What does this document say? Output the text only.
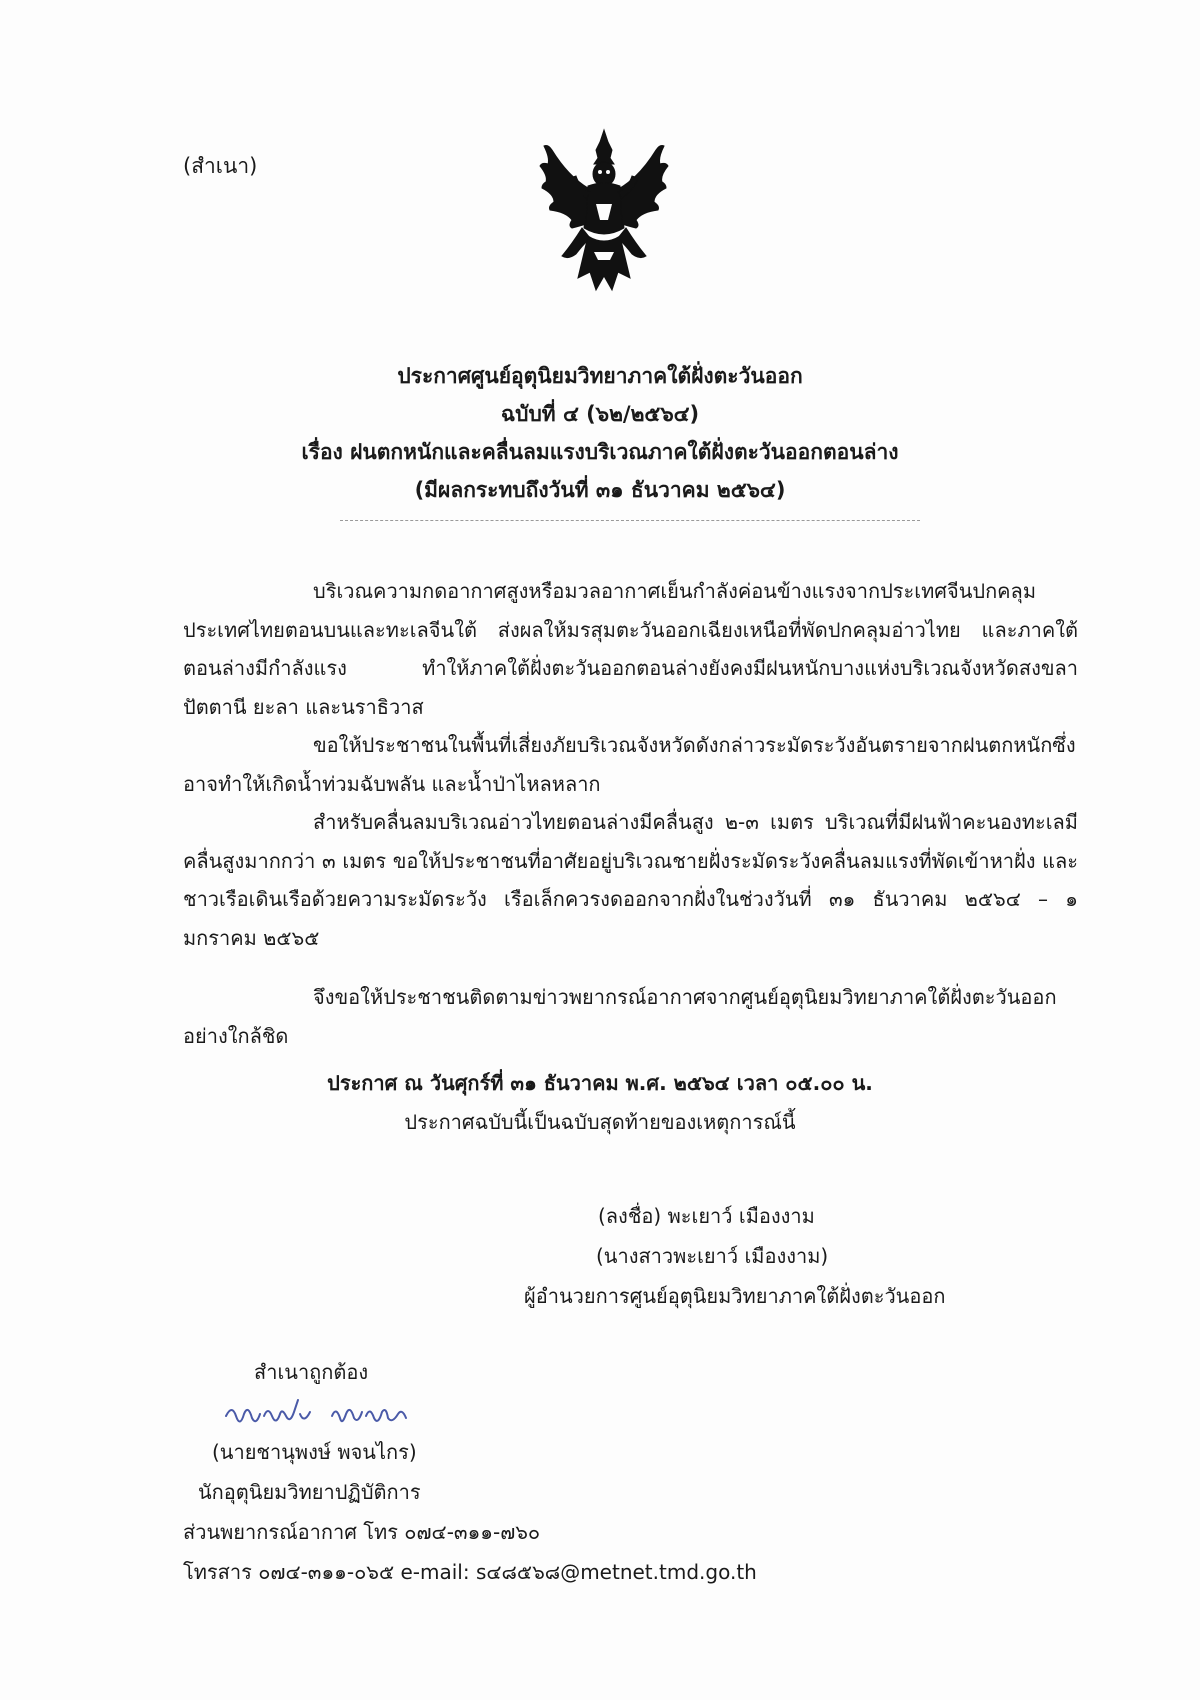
(สำเนา)
ประกาศศูนย์อุตุนิยมวิทยาภาคใต้ฝั่งตะวันออก
ฉบับที่ ๔ (๖๒/๒๕๖๔)
เรื่อง ฝนตกหนักและคลื่นลมแรงบริเวณภาคใต้ฝั่งตะวันออกตอนล่าง
(มีผลกระทบถึงวันที่ ๓๑ ธันวาคม ๒๕๖๔)

บริเวณความกดอากาศสูงหรือมวลอากาศเย็นกำลังค่อนข้างแรงจากประเทศจีนปกคลุมประเทศไทยตอนบนและทะเลจีนใต้ ส่งผลให้มรสุมตะวันออกเฉียงเหนือที่พัดปกคลุมอ่าวไทย และภาคใต้ตอนล่างมีกำลังแรง ทำให้ภาคใต้ฝั่งตะวันออกตอนล่างยังคงมีฝนหนักบางแห่งบริเวณจังหวัดสงขลา ปัตตานี ยะลา และนราธิวาส

ขอให้ประชาชนในพื้นที่เสี่ยงภัยบริเวณจังหวัดดังกล่าวระมัดระวังอันตรายจากฝนตกหนักซึ่งอาจทำให้เกิดน้ำท่วมฉับพลัน และน้ำป่าไหลหลาก

สำหรับคลื่นลมบริเวณอ่าวไทยตอนล่างมีคลื่นสูง ๒-๓ เมตร บริเวณที่มีฝนฟ้าคะนองทะเลมีคลื่นสูงมากกว่า ๓ เมตร ขอให้ประชาชนที่อาศัยอยู่บริเวณชายฝั่งระมัดระวังคลื่นลมแรงที่พัดเข้าหาฝั่ง และชาวเรือเดินเรือด้วยความระมัดระวัง เรือเล็กควรงดออกจากฝั่งในช่วงวันที่ ๓๑ ธันวาคม ๒๕๖๔ – ๑ มกราคม ๒๕๖๕

จึงขอให้ประชาชนติดตามข่าวพยากรณ์อากาศจากศูนย์อุตุนิยมวิทยาภาคใต้ฝั่งตะวันออกอย่างใกล้ชิด

ประกาศ ณ วันศุกร์ที่ ๓๑ ธันวาคม พ.ศ. ๒๕๖๔ เวลา ๐๕.๐๐ น.
ประกาศฉบับนี้เป็นฉบับสุดท้ายของเหตุการณ์นี้
(ลงชื่อ) พะเยาว์ เมืองงาม
(นางสาวพะเยาว์ เมืองงาม)
ผู้อำนวยการศูนย์อุตุนิยมวิทยาภาคใต้ฝั่งตะวันออก
สำเนาถูกต้อง
(นายชานุพงษ์ พจนไกร)
นักอุตุนิยมวิทยาปฏิบัติการ
ส่วนพยากรณ์อากาศ โทร ๐๗๔-๓๑๑-๗๖๐
โทรสาร ๐๗๔-๓๑๑-๐๖๕ e-mail: s๔๘๕๖๘@metnet.tmd.go.th
